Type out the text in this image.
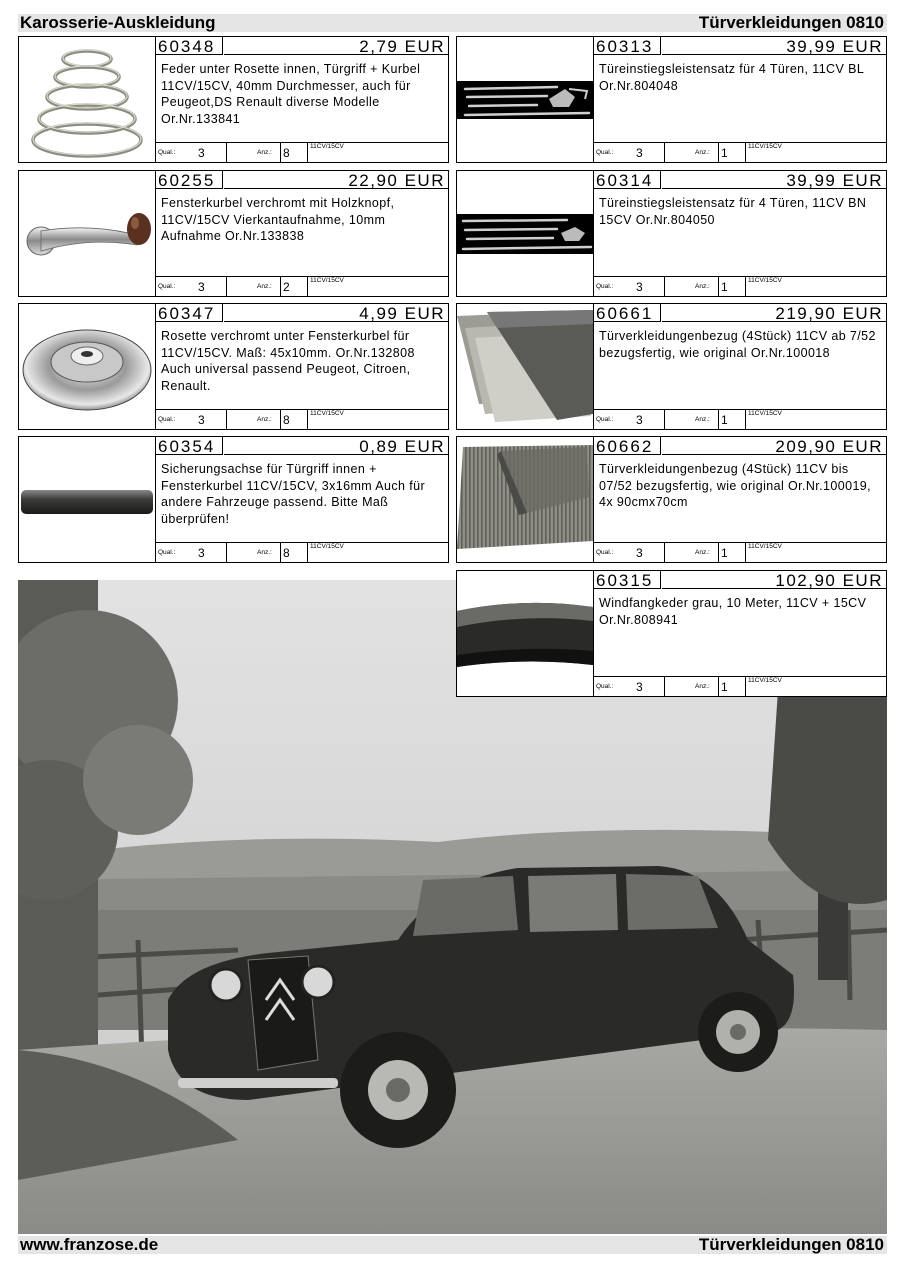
Karosserie-Auskleidung	Türverkleidungen 0810
60348	2,79 EUR
Feder unter Rosette innen, Türgriff + Kurbel 11CV/15CV, 40mm Durchmesser, auch für Peugeot,DS Renault diverse Modelle Or.Nr.133841
Qual.: 3	Anz.: 8	11CV/15CV
60313	39,99 EUR
Türeinstiegsleistensatz für 4 Türen, 11CV BL Or.Nr.804048
Qual.: 3	Anz.: 1	11CV/15CV
60255	22,90 EUR
Fensterkurbel verchromt mit Holzknopf, 11CV/15CV Vierkantaufnahme, 10mm Aufnahme Or.Nr.133838
Qual.: 3	Anz.: 2	11CV/15CV
60314	39,99 EUR
Türeinstiegsleistensatz für 4 Türen, 11CV BN 15CV Or.Nr.804050
Qual.: 3	Anz.: 1	11CV/15CV
60347	4,99 EUR
Rosette verchromt unter Fensterkurbel für 11CV/15CV. Maß: 45x10mm. Or.Nr.132808 Auch universal passend Peugeot, Citroen, Renault.
Qual.: 3	Anz.: 8	11CV/15CV
60661	219,90 EUR
Türverkleidungenbezug (4Stück) 11CV ab 7/52 bezugsfertig, wie original Or.Nr.100018
Qual.: 3	Anz.: 1	11CV/15CV
60354	0,89 EUR
Sicherungsachse für Türgriff innen + Fensterkurbel 11CV/15CV, 3x16mm Auch für andere Fahrzeuge passend. Bitte Maß überprüfen!
Qual.: 3	Anz.: 8	11CV/15CV
60662	209,90 EUR
Türverkleidungenbezug (4Stück) 11CV bis 07/52 bezugsfertig, wie original Or.Nr.100019, 4x 90cmx70cm
Qual.: 3	Anz.: 1	11CV/15CV
60315	102,90 EUR
Windfangkeder grau, 10 Meter, 11CV + 15CV Or.Nr.808941
Qual.: 3	Anz.: 1	11CV/15CV
www.franzose.de	Türverkleidungen 0810
